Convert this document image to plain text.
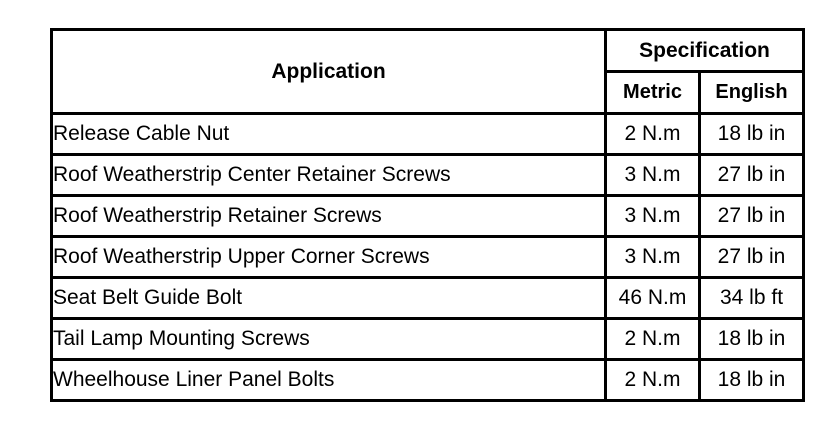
Application	Specification	
	Metric	English
Release Cable Nut	2 N.m	18 lb in
Roof Weatherstrip Center Retainer Screws	3 N.m	27 lb in
Roof Weatherstrip Retainer Screws	3 N.m	27 lb in
Roof Weatherstrip Upper Corner Screws	3 N.m	27 lb in
Seat Belt Guide Bolt	46 N.m	34 lb ft
Tail Lamp Mounting Screws	2 N.m	18 lb in
Wheelhouse Liner Panel Bolts	2 N.m	18 lb in
